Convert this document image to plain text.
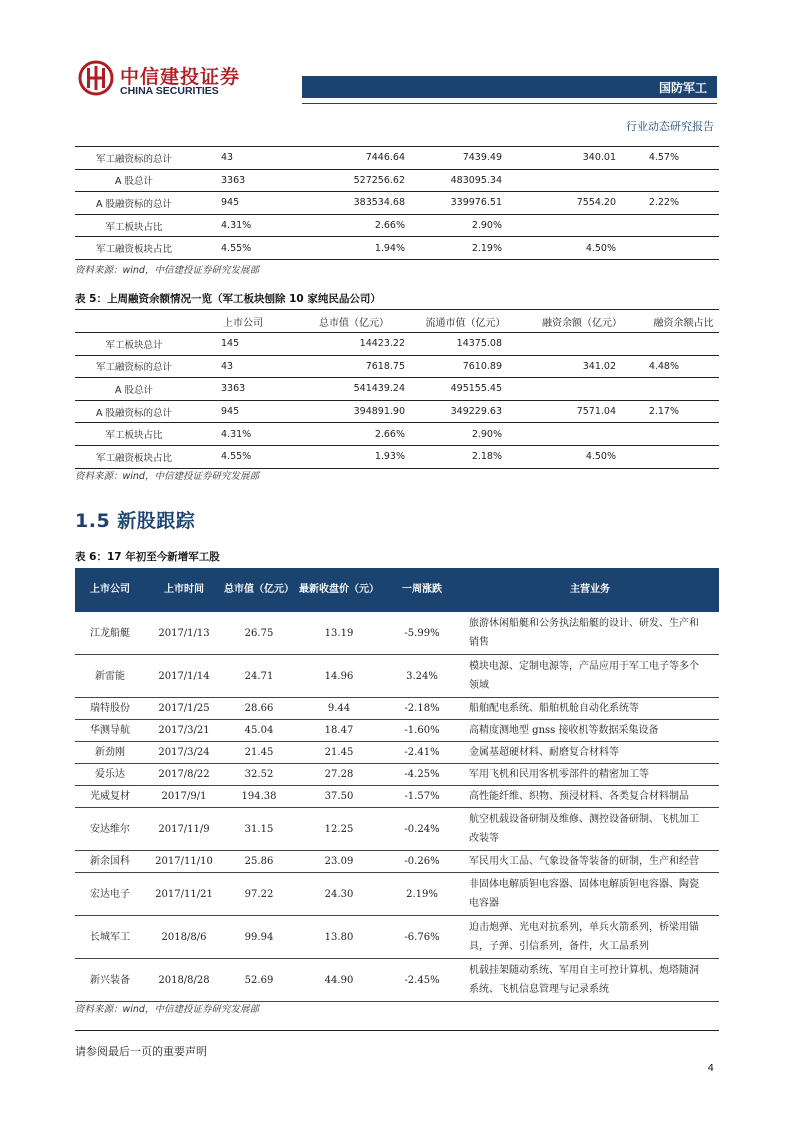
中信建投证券
CHINA SECURITIES	国防军工
行业动态研究报告
军工融资标的总计	43	7446.64	7439.49	340.01	4.57%
A 股总计	3363	527256.62	483095.34		
A 股融资标的总计	945	383534.68	339976.51	7554.20	2.22%
军工板块占比	4.31%	2.66%	2.90%		
军工融资板块占比	4.55%	1.94%	2.19%	4.50%	
资料来源：wind，中信建投证券研究发展部
表 5：上周融资余额情况一览（军工板块刨除 10 家纯民品公司）
	上市公司	总市值（亿元）	流通市值（亿元）	融资余额（亿元）	融资余额占比
军工板块总计	145	14423.22	14375.08		
军工融资标的总计	43	7618.75	7610.89	341.02	4.48%
A 股总计	3363	541439.24	495155.45		
A 股融资标的总计	945	394891.90	349229.63	7571.04	2.17%
军工板块占比	4.31%	2.66%	2.90%		
军工融资板块占比	4.55%	1.93%	2.18%	4.50%	
资料来源：wind，中信建投证券研究发展部
1.5 新股跟踪
表 6：17 年初至今新增军工股
上市公司	上市时间	总市值（亿元）	最新收盘价（元）	一周涨跌	主营业务
江龙船艇	2017/1/13	26.75	13.19	-5.99%	旅游休闲船艇和公务执法船艇的设计、研发、生产和
销售

新雷能	2017/1/14	24.71	14.96	3.24%	模块电源、定制电源等，产品应用于军工电子等多个
领域

瑞特股份	2017/1/25	28.66	9.44	-2.18%	船舶配电系统、船舶机舱自动化系统等

华测导航	2017/3/21	45.04	18.47	-1.60%	高精度测地型 gnss 接收机等数据采集设备

新劲刚	2017/3/24	21.45	21.45	-2.41%	金属基超硬材料、耐磨复合材料等

爱乐达	2017/8/22	32.52	27.28	-4.25%	军用飞机和民用客机零部件的精密加工等

光威复材	2017/9/1	194.38	37.50	-1.57%	高性能纤维、织物、预浸材料、各类复合材料制品

安达维尔	2017/11/9	31.15	12.25	-0.24%	航空机载设备研制及维修、测控设备研制、飞机加工
改装等

新余国科	2017/11/10	25.86	23.09	-0.26%	军民用火工品、气象设备等装备的研制，生产和经营

宏达电子	2017/11/21	97.22	24.30	2.19%	非固体电解质钽电容器、固体电解质钽电容器、陶瓷
电容器

长城军工	2018/8/6	99.94	13.80	-6.76%	迫击炮弹、光电对抗系列，单兵火箭系列，桥梁用锚
具，子弹、引信系列，备件，火工品系列

新兴装备	2018/8/28	52.69	44.90	-2.45%	机载挂架随动系统、军用自主可控计算机、炮塔随洞
系统、飞机信息管理与记录系统
资料来源：wind，中信建投证券研究发展部
请参阅最后一页的重要声明
4
